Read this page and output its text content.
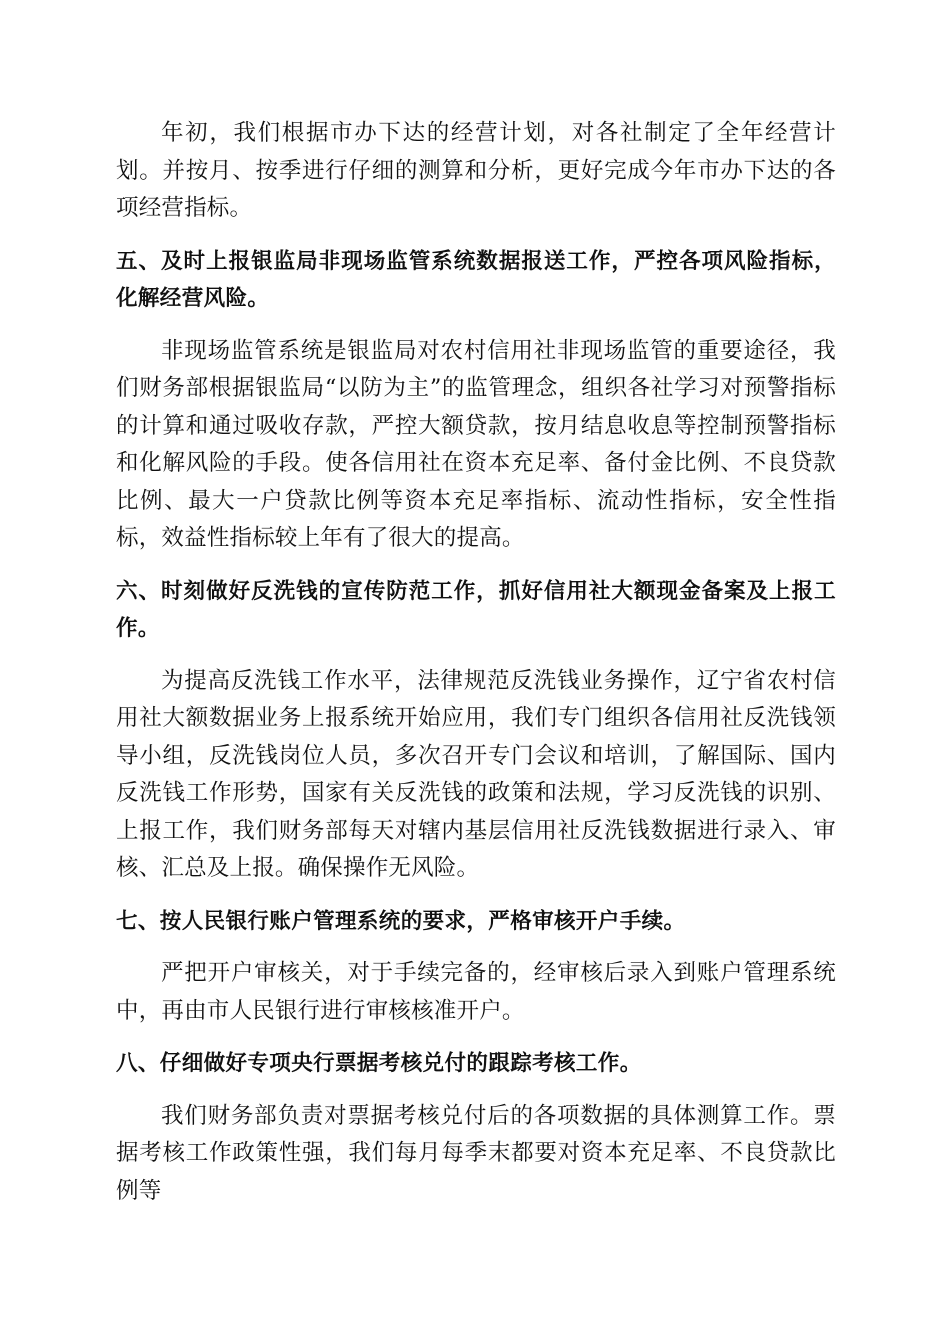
年初，我们根据市办下达的经营计划，对各社制定了全年经营计划。并按月、按季进行仔细的测算和分析，更好完成今年市办下达的各项经营指标。

五、及时上报银监局非现场监管系统数据报送工作，严控各项风险指标，化解经营风险。

非现场监管系统是银监局对农村信用社非现场监管的重要途径，我们财务部根据银监局“以防为主”的监管理念，组织各社学习对预警指标的计算和通过吸收存款，严控大额贷款，按月结息收息等控制预警指标和化解风险的手段。使各信用社在资本充足率、备付金比例、不良贷款比例、最大一户贷款比例等资本充足率指标、流动性指标，安全性指标，效益性指标较上年有了很大的提高。

六、时刻做好反洗钱的宣传防范工作，抓好信用社大额现金备案及上报工作。

为提高反洗钱工作水平，法律规范反洗钱业务操作，辽宁省农村信用社大额数据业务上报系统开始应用，我们专门组织各信用社反洗钱领导小组，反洗钱岗位人员，多次召开专门会议和培训，了解国际、国内反洗钱工作形势，国家有关反洗钱的政策和法规，学习反洗钱的识别、上报工作，我们财务部每天对辖内基层信用社反洗钱数据进行录入、审核、汇总及上报。确保操作无风险。

七、按人民银行账户管理系统的要求，严格审核开户手续。

严把开户审核关，对于手续完备的，经审核后录入到账户管理系统中，再由市人民银行进行审核核准开户。

八、仔细做好专项央行票据考核兑付的跟踪考核工作。

我们财务部负责对票据考核兑付后的各项数据的具体测算工作。票据考核工作政策性强，我们每月每季末都要对资本充足率、不良贷款比例等
